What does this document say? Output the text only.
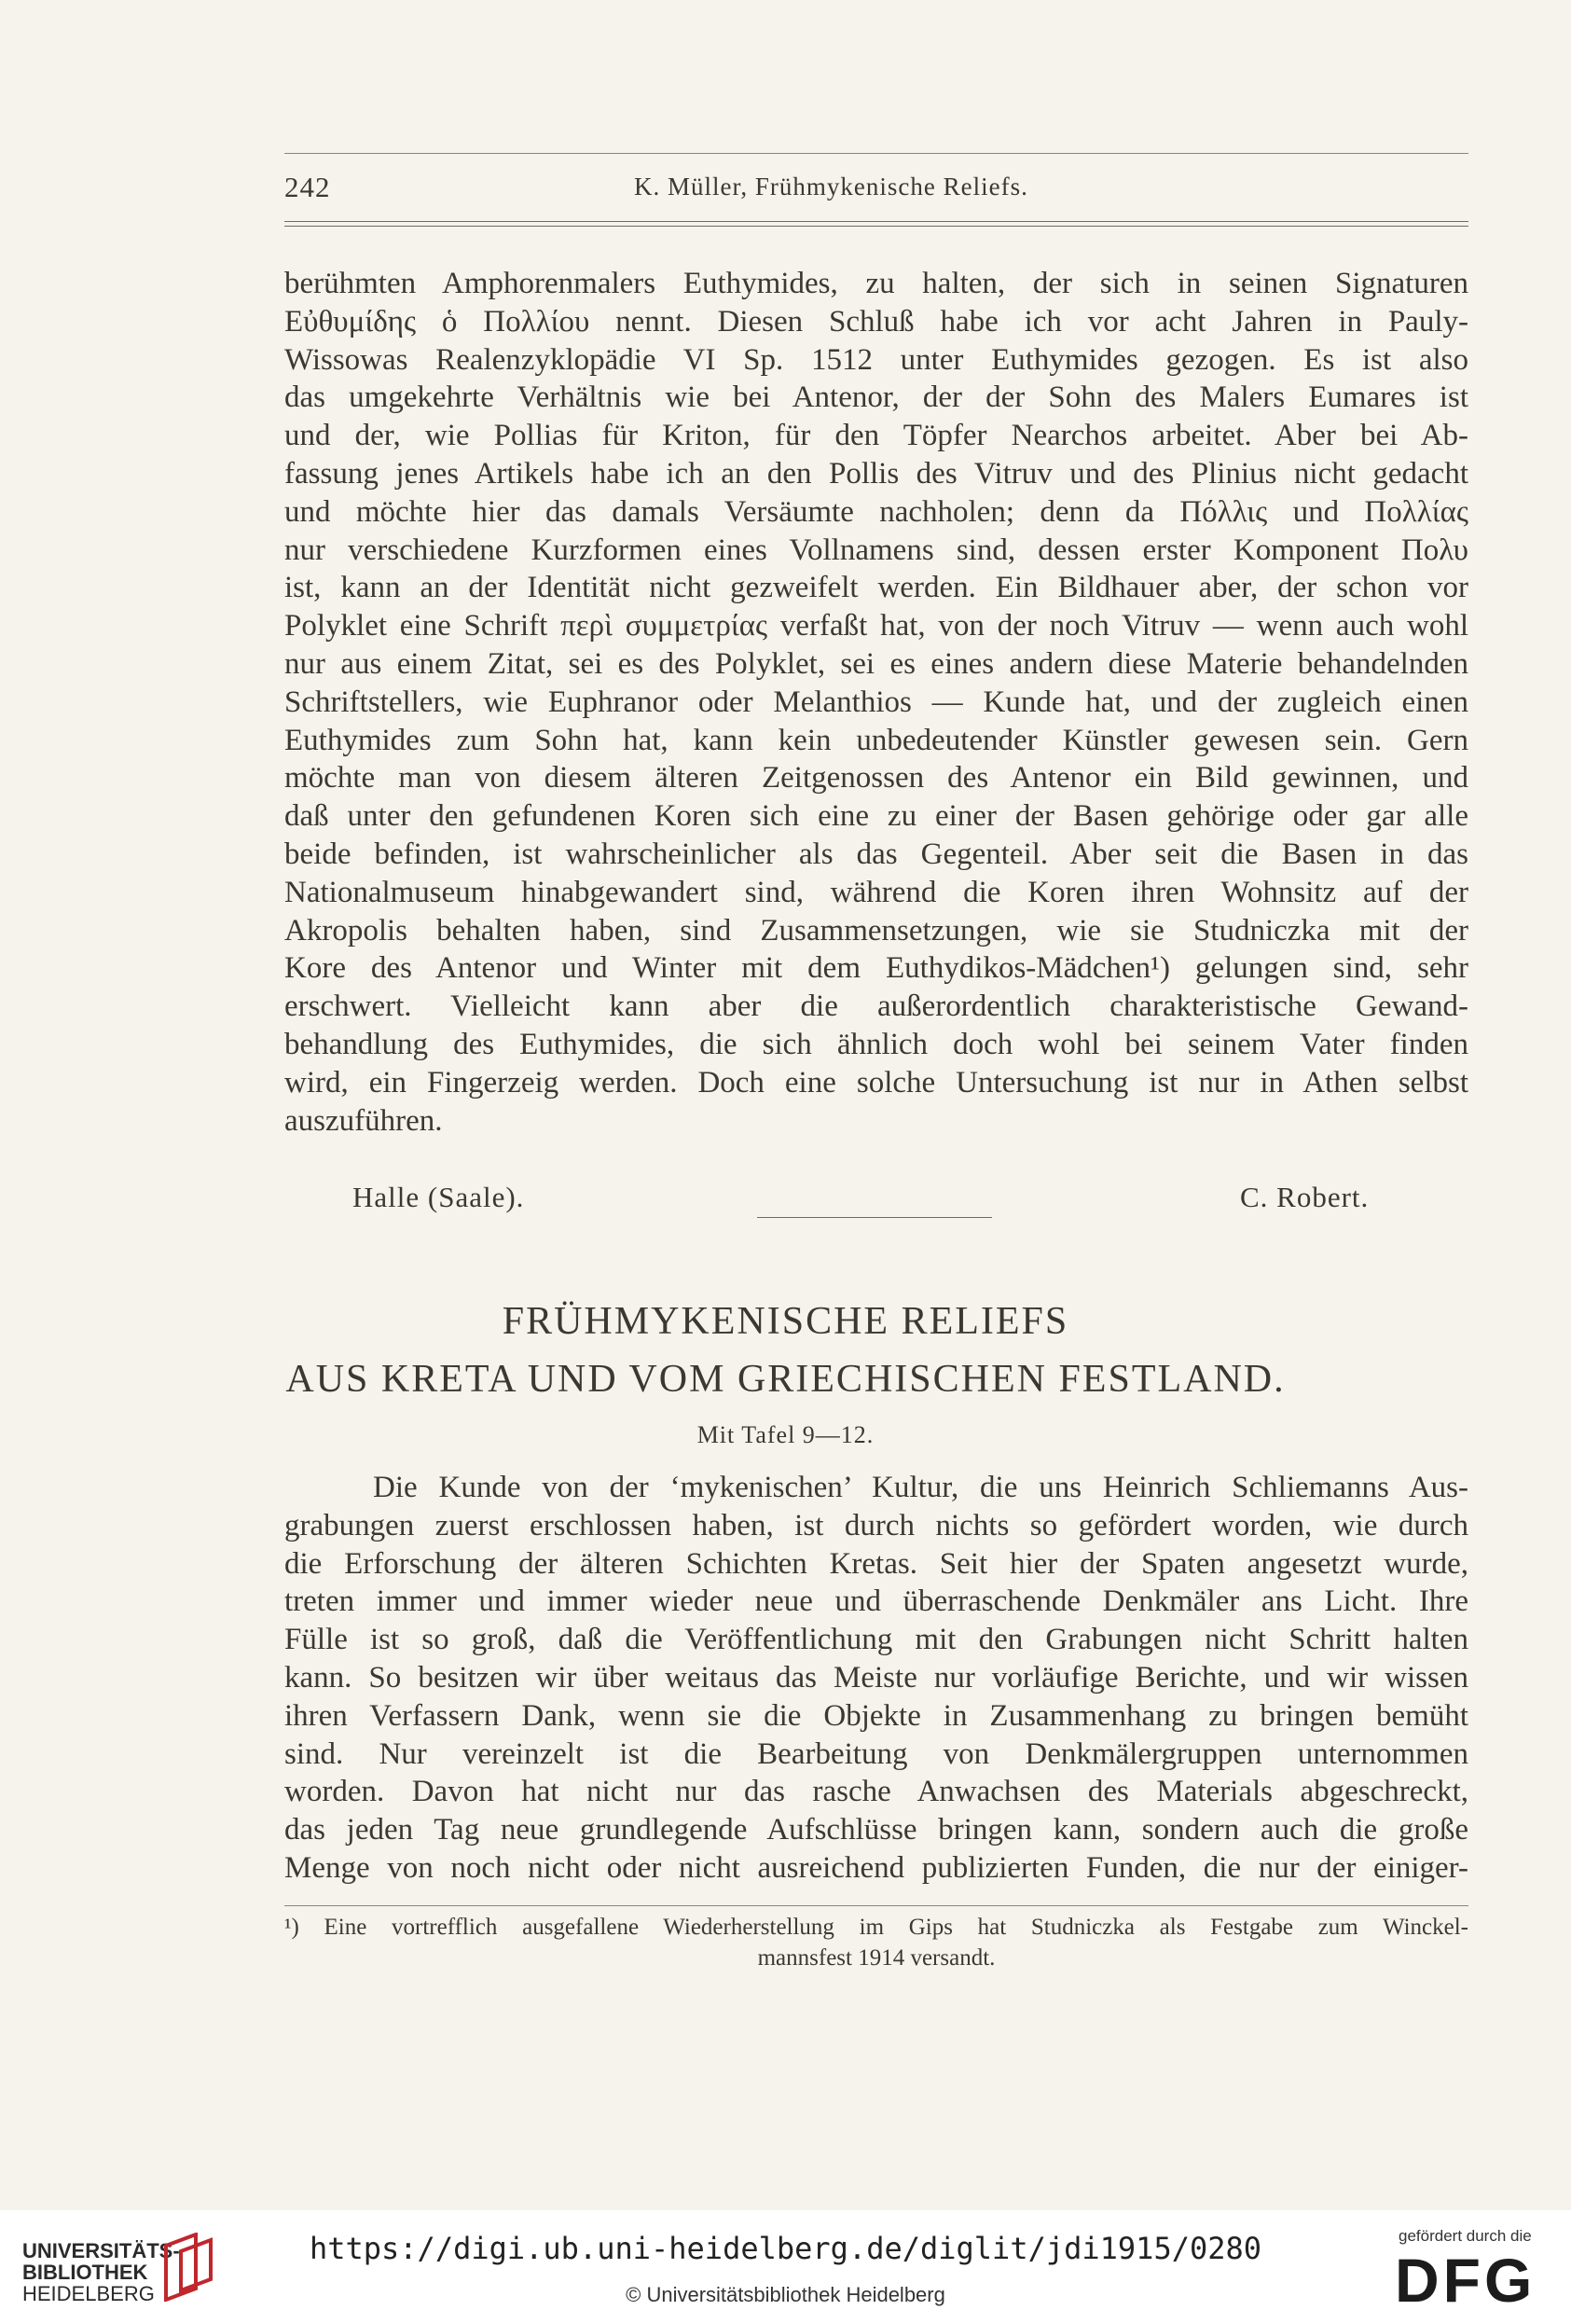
242	K. Müller, Frühmykenische Reliefs.
berühmten Amphorenmalers Euthymides, zu halten, der sich in seinen Signaturen
Εὐθυμίδης ὁ Πολλίου nennt. Diesen Schluß habe ich vor acht Jahren in Pauly-
Wissowas Realenzyklopädie VI Sp. 1512 unter Euthymides gezogen. Es ist also
das umgekehrte Verhältnis wie bei Antenor, der der Sohn des Malers Eumares ist
und der, wie Pollias für Kriton, für den Töpfer Nearchos arbeitet. Aber bei Ab-
fassung jenes Artikels habe ich an den Pollis des Vitruv und des Plinius nicht gedacht
und möchte hier das damals Versäumte nachholen; denn da Πόλλις und Πολλίας
nur verschiedene Kurzformen eines Vollnamens sind, dessen erster Komponent Πολυ
ist, kann an der Identität nicht gezweifelt werden. Ein Bildhauer aber, der schon vor
Polyklet eine Schrift περὶ συμμετρίας verfaßt hat, von der noch Vitruv — wenn auch wohl
nur aus einem Zitat, sei es des Polyklet, sei es eines andern diese Materie behandelnden
Schriftstellers, wie Euphranor oder Melanthios — Kunde hat, und der zugleich einen
Euthymides zum Sohn hat, kann kein unbedeutender Künstler gewesen sein. Gern
möchte man von diesem älteren Zeitgenossen des Antenor ein Bild gewinnen, und
daß unter den gefundenen Koren sich eine zu einer der Basen gehörige oder gar alle
beide befinden, ist wahrscheinlicher als das Gegenteil. Aber seit die Basen in das
Nationalmuseum hinabgewandert sind, während die Koren ihren Wohnsitz auf der
Akropolis behalten haben, sind Zusammensetzungen, wie sie Studniczka mit der
Kore des Antenor und Winter mit dem Euthydikos-Mädchen¹) gelungen sind, sehr
erschwert. Vielleicht kann aber die außerordentlich charakteristische Gewand-
behandlung des Euthymides, die sich ähnlich doch wohl bei seinem Vater finden
wird, ein Fingerzeig werden. Doch eine solche Untersuchung ist nur in Athen selbst
auszuführen.
Halle (Saale).	C. Robert.
FRÜHMYKENISCHE RELIEFS
AUS KRETA UND VOM GRIECHISCHEN FESTLAND.
Mit Tafel 9—12.
Die Kunde von der ‘mykenischen’ Kultur, die uns Heinrich Schliemanns Aus-
grabungen zuerst erschlossen haben, ist durch nichts so gefördert worden, wie durch
die Erforschung der älteren Schichten Kretas. Seit hier der Spaten angesetzt wurde,
treten immer und immer wieder neue und überraschende Denkmäler ans Licht. Ihre
Fülle ist so groß, daß die Veröffentlichung mit den Grabungen nicht Schritt halten
kann. So besitzen wir über weitaus das Meiste nur vorläufige Berichte, und wir wissen
ihren Verfassern Dank, wenn sie die Objekte in Zusammenhang zu bringen bemüht
sind. Nur vereinzelt ist die Bearbeitung von Denkmälergruppen unternommen
worden. Davon hat nicht nur das rasche Anwachsen des Materials abgeschreckt,
das jeden Tag neue grundlegende Aufschlüsse bringen kann, sondern auch die große
Menge von noch nicht oder nicht ausreichend publizierten Funden, die nur der einiger-
¹) Eine vortrefflich ausgefallene Wiederherstellung im Gips hat Studniczka als Festgabe zum Winckel-
mannsfest 1914 versandt.
UNIVERSITÄTS-
BIBLIOTHEK
HEIDELBERG
https://digi.ub.uni-heidelberg.de/diglit/jdi1915/0280
© Universitätsbibliothek Heidelberg
gefördert durch die
DFG
